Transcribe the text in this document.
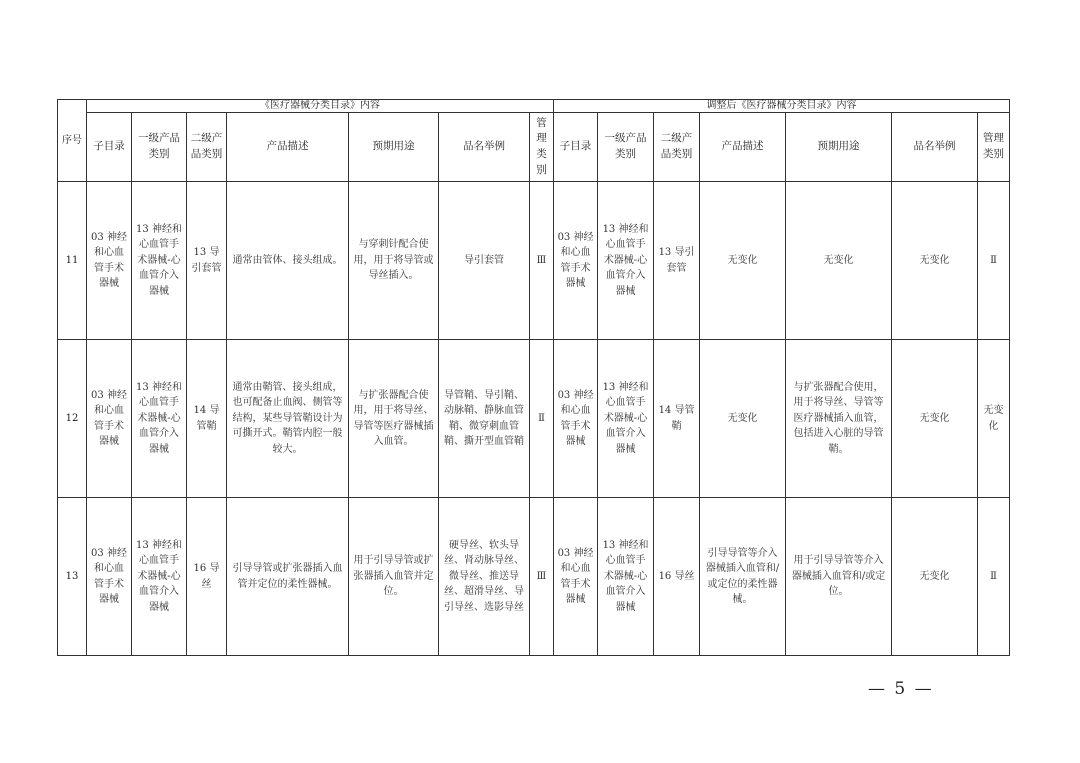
序号	《医疗器械分类目录》内容							调整后《医疗器械分类目录》内容						
	子目录	一级产品类别	二级产品类别	产品描述	预期用途	品名举例	管理类别	子目录	一级产品类别	二级产品类别	产品描述	预期用途	品名举例	管理类别
11	03 神经和心血管手术器械	13 神经和心血管手术器械-心血管介入器械	13 导引套管	通常由管体、接头组成。	与穿刺针配合使用，用于将导管或导丝插入。	导引套管	Ⅲ	03 神经和心血管手术器械	13 神经和心血管手术器械-心血管介入器械	13 导引套管	无变化	无变化	无变化	Ⅱ
12	03 神经和心血管手术器械	13 神经和心血管手术器械-心血管介入器械	14 导管鞘	通常由鞘管、接头组成，也可配备止血阀、侧管等结构，某些导管鞘设计为可撕开式。鞘管内腔一般较大。	与扩张器配合使用，用于将导丝、导管等医疗器械插入血管。	导管鞘、导引鞘、动脉鞘、静脉血管鞘、微穿刺血管鞘、撕开型血管鞘	Ⅱ	03 神经和心血管手术器械	13 神经和心血管手术器械-心血管介入器械	14 导管鞘	无变化	与扩张器配合使用，用于将导丝、导管等医疗器械插入血管，包括进入心脏的导管鞘。	无变化	无变化
13	03 神经和心血管手术器械	13 神经和心血管手术器械-心血管介入器械	16 导丝	引导导管或扩张器插入血管并定位的柔性器械。	用于引导导管或扩张器插入血管并定位。	硬导丝、软头导丝、肾动脉导丝、微导丝、推送导丝、超滑导丝、导引导丝、选影导丝	Ⅲ	03 神经和心血管手术器械	13 神经和心血管手术器械-心血管介入器械	16 导丝	引导导管等介入器械插入血管和/或定位的柔性器械。	用于引导导管等介入器械插入血管和/或定位。	无变化	Ⅱ
— 5 —
